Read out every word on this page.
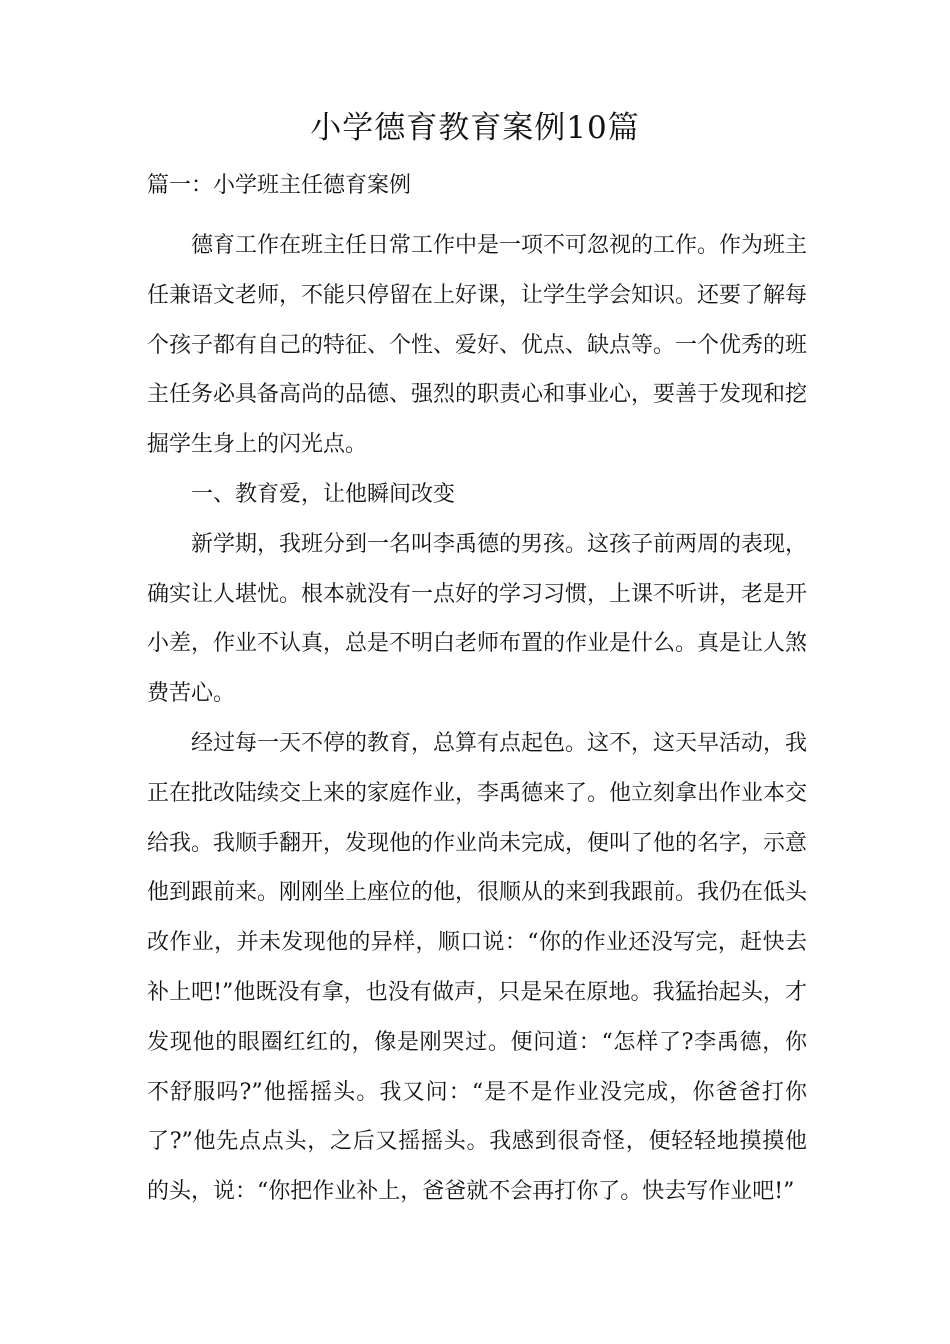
小学德育教育案例10篇
篇一：小学班主任德育案例

德育工作在班主任日常工作中是一项不可忽视的工作。作为班主任兼语文老师，不能只停留在上好课，让学生学会知识。还要了解每个孩子都有自己的特征、个性、爱好、优点、缺点等。一个优秀的班主任务必具备高尚的品德、强烈的职责心和事业心，要善于发现和挖掘学生身上的闪光点。

一、教育爱，让他瞬间改变

新学期，我班分到一名叫李禹德的男孩。这孩子前两周的表现，确实让人堪忧。根本就没有一点好的学习习惯，上课不听讲，老是开小差，作业不认真，总是不明白老师布置的作业是什么。真是让人煞费苦心。

经过每一天不停的教育，总算有点起色。这不，这天早活动，我正在批改陆续交上来的家庭作业，李禹德来了。他立刻拿出作业本交给我。我顺手翻开，发现他的作业尚未完成，便叫了他的名字，示意他到跟前来。刚刚坐上座位的他，很顺从的来到我跟前。我仍在低头改作业，并未发现他的异样，顺口说：“你的作业还没写完，赶快去补上吧!”他既没有拿，也没有做声，只是呆在原地。我猛抬起头，才发现他的眼圈红红的，像是刚哭过。便问道：“怎样了?李禹德，你不舒服吗?”他摇摇头。我又问：“是不是作业没完成，你爸爸打你了?”他先点点头，之后又摇摇头。我感到很奇怪，便轻轻地摸摸他的头，说：“你把作业补上，爸爸就不会再打你了。快去写作业吧!”
